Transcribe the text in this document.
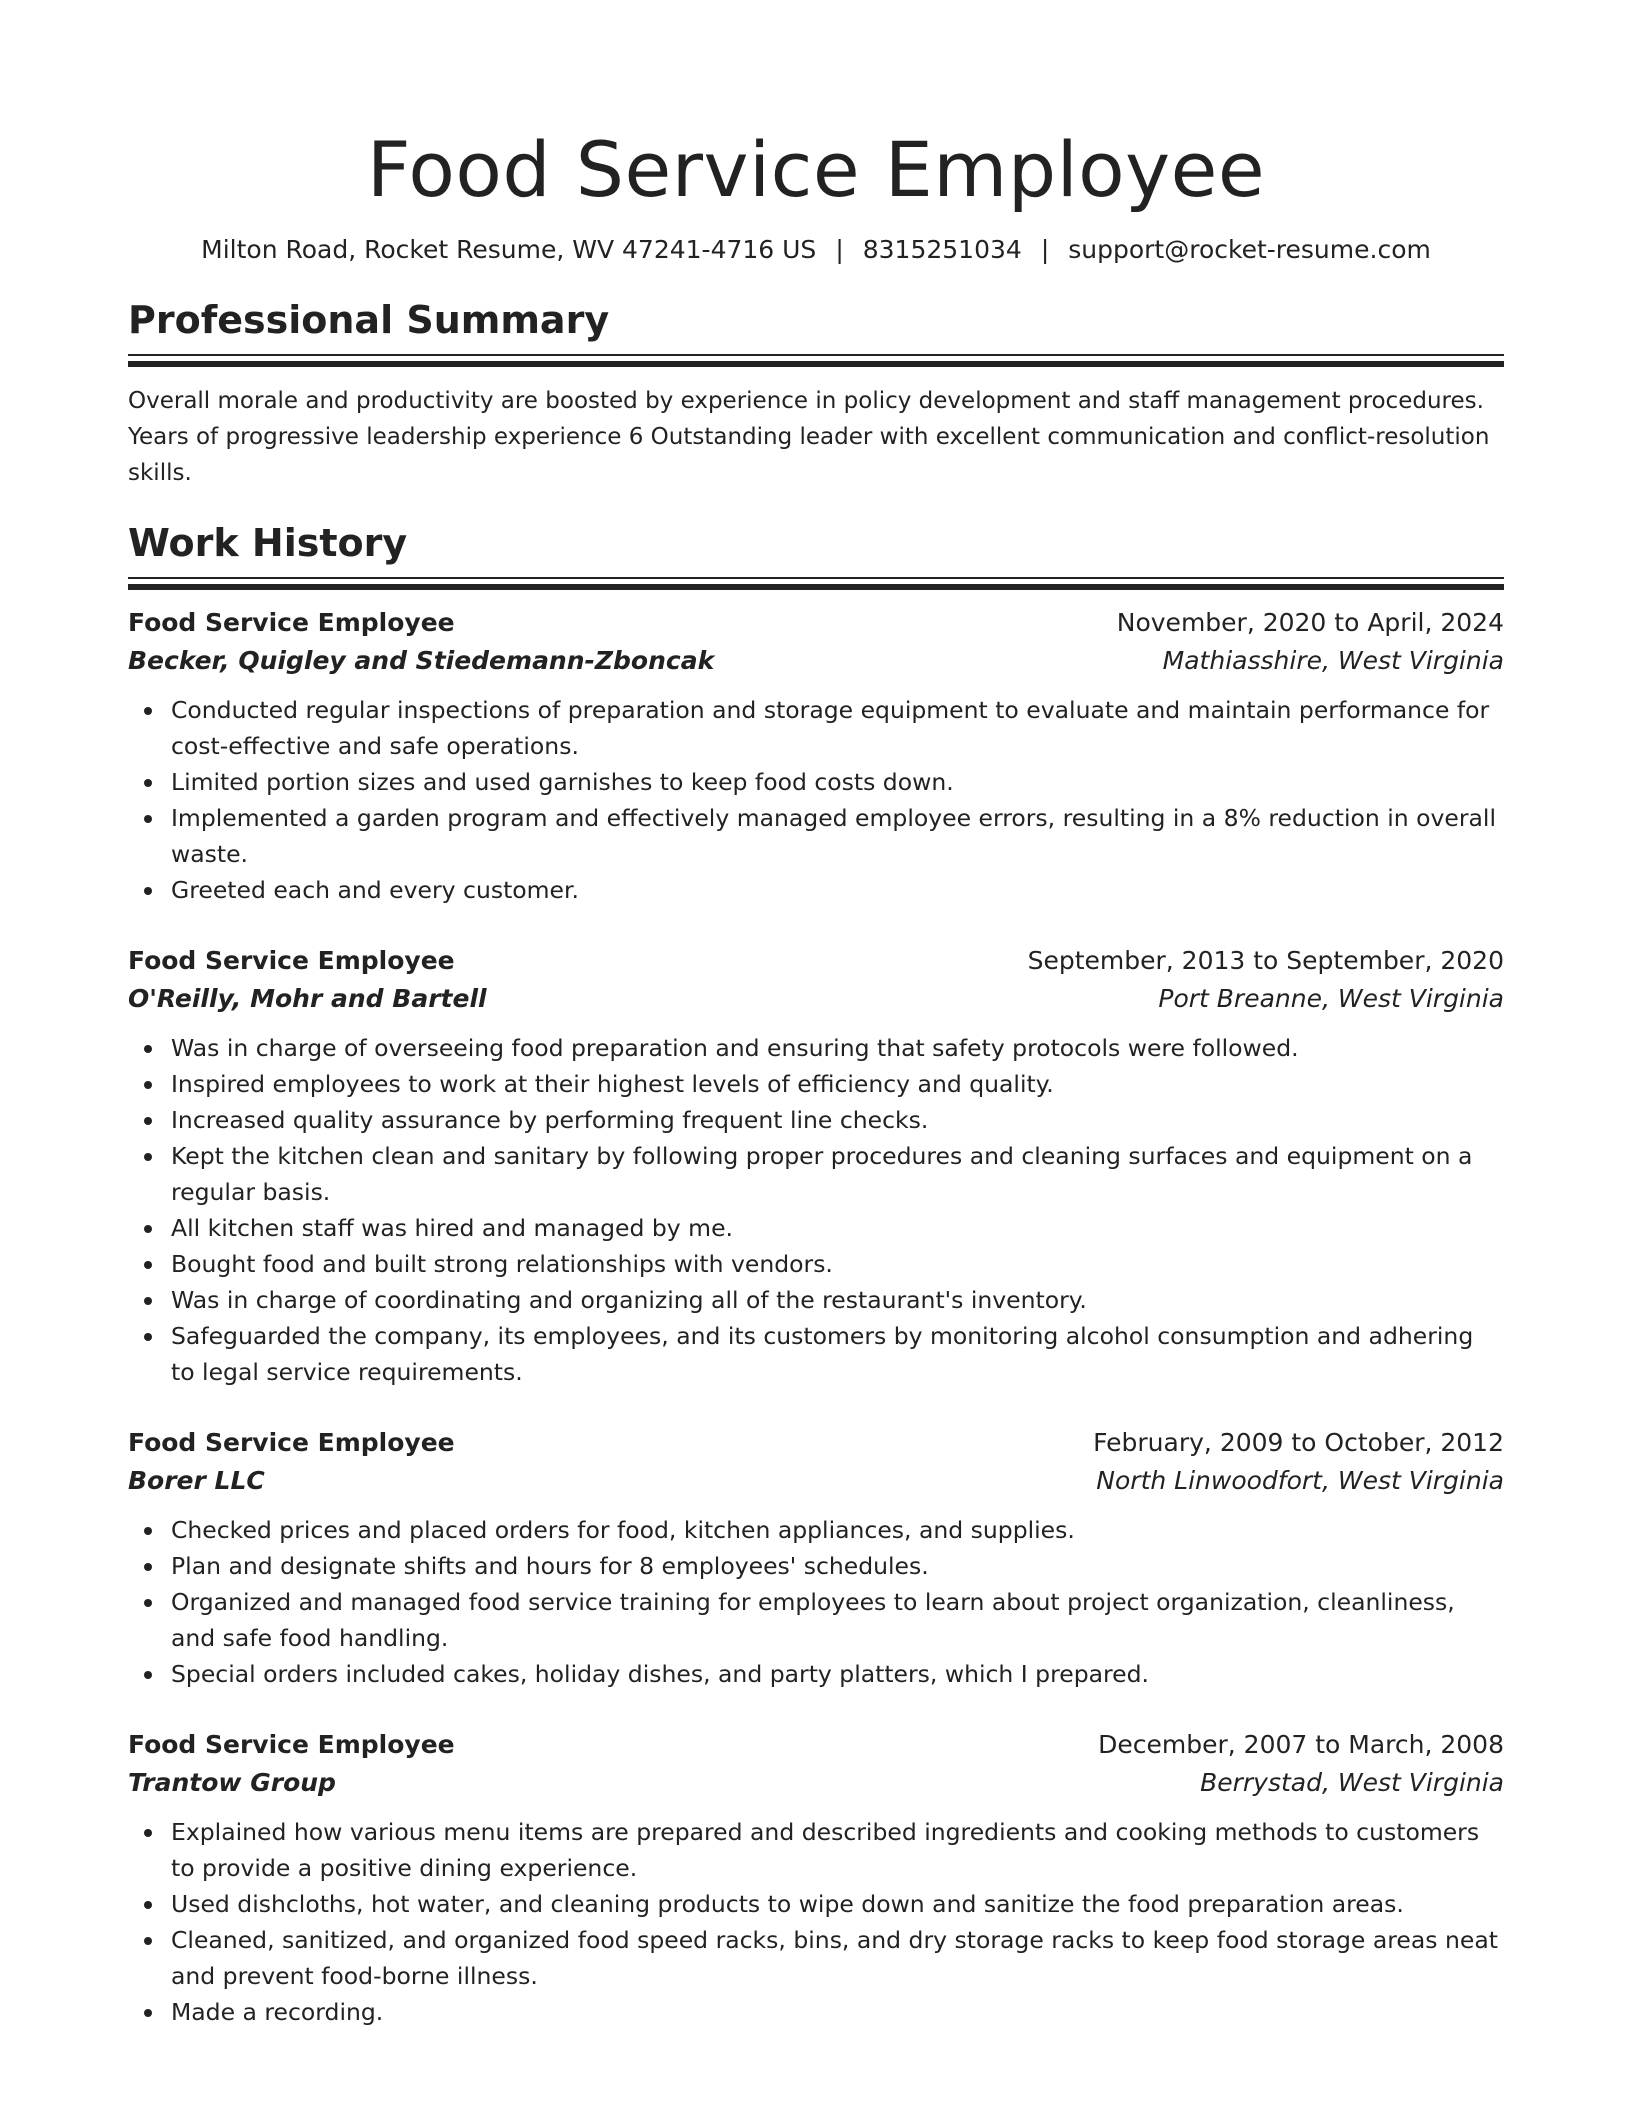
Food Service Employee
Milton Road, Rocket Resume, WV 47241-4716 US | 8315251034 | support@rocket-resume.com
Professional Summary

Overall morale and productivity are boosted by experience in policy development and staff management procedures. Years of progressive leadership experience 6 Outstanding leader with excellent communication and conflict-resolution skills.

Work History
Food Service Employee	November, 2020 to April, 2024
Becker, Quigley and Stiedemann-Zboncak	Mathiasshire, West Virginia
Conducted regular inspections of preparation and storage equipment to evaluate and maintain performance for cost-effective and safe operations.
Limited portion sizes and used garnishes to keep food costs down.
Implemented a garden program and effectively managed employee errors, resulting in a 8% reduction in overall waste.
Greeted each and every customer.
Food Service Employee	September, 2013 to September, 2020
O'Reilly, Mohr and Bartell	Port Breanne, West Virginia
Was in charge of overseeing food preparation and ensuring that safety protocols were followed.
Inspired employees to work at their highest levels of efficiency and quality.
Increased quality assurance by performing frequent line checks.
Kept the kitchen clean and sanitary by following proper procedures and cleaning surfaces and equipment on a regular basis.
All kitchen staff was hired and managed by me.
Bought food and built strong relationships with vendors.
Was in charge of coordinating and organizing all of the restaurant's inventory.
Safeguarded the company, its employees, and its customers by monitoring alcohol consumption and adhering to legal service requirements.
Food Service Employee	February, 2009 to October, 2012
Borer LLC	North Linwoodfort, West Virginia
Checked prices and placed orders for food, kitchen appliances, and supplies.
Plan and designate shifts and hours for 8 employees' schedules.
Organized and managed food service training for employees to learn about project organization, cleanliness, and safe food handling.
Special orders included cakes, holiday dishes, and party platters, which I prepared.
Food Service Employee	December, 2007 to March, 2008
Trantow Group	Berrystad, West Virginia
Explained how various menu items are prepared and described ingredients and cooking methods to customers to provide a positive dining experience.
Used dishcloths, hot water, and cleaning products to wipe down and sanitize the food preparation areas.
Cleaned, sanitized, and organized food speed racks, bins, and dry storage racks to keep food storage areas neat and prevent food-borne illness.
Made a recording.
